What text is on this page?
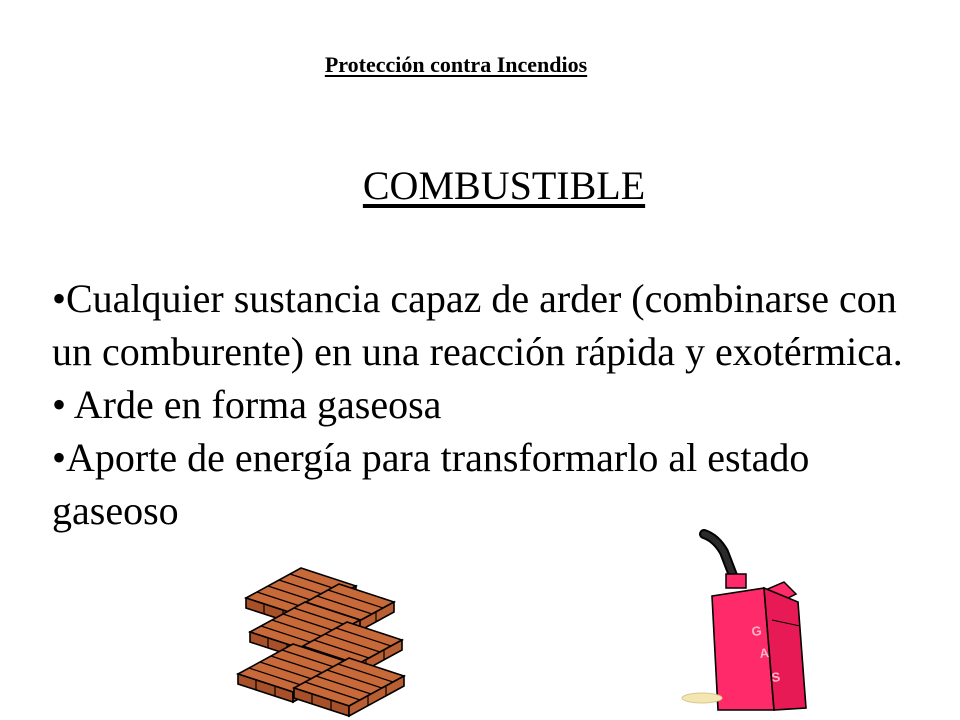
Protección contra Incendios
COMBUSTIBLE
•Cualquier sustancia capaz de arder (combinarse con un comburente) en una reacción rápida y exotérmica.
• Arde en forma gaseosa
•Aporte de energía para transformarlo al estado gaseoso
G
A
S
